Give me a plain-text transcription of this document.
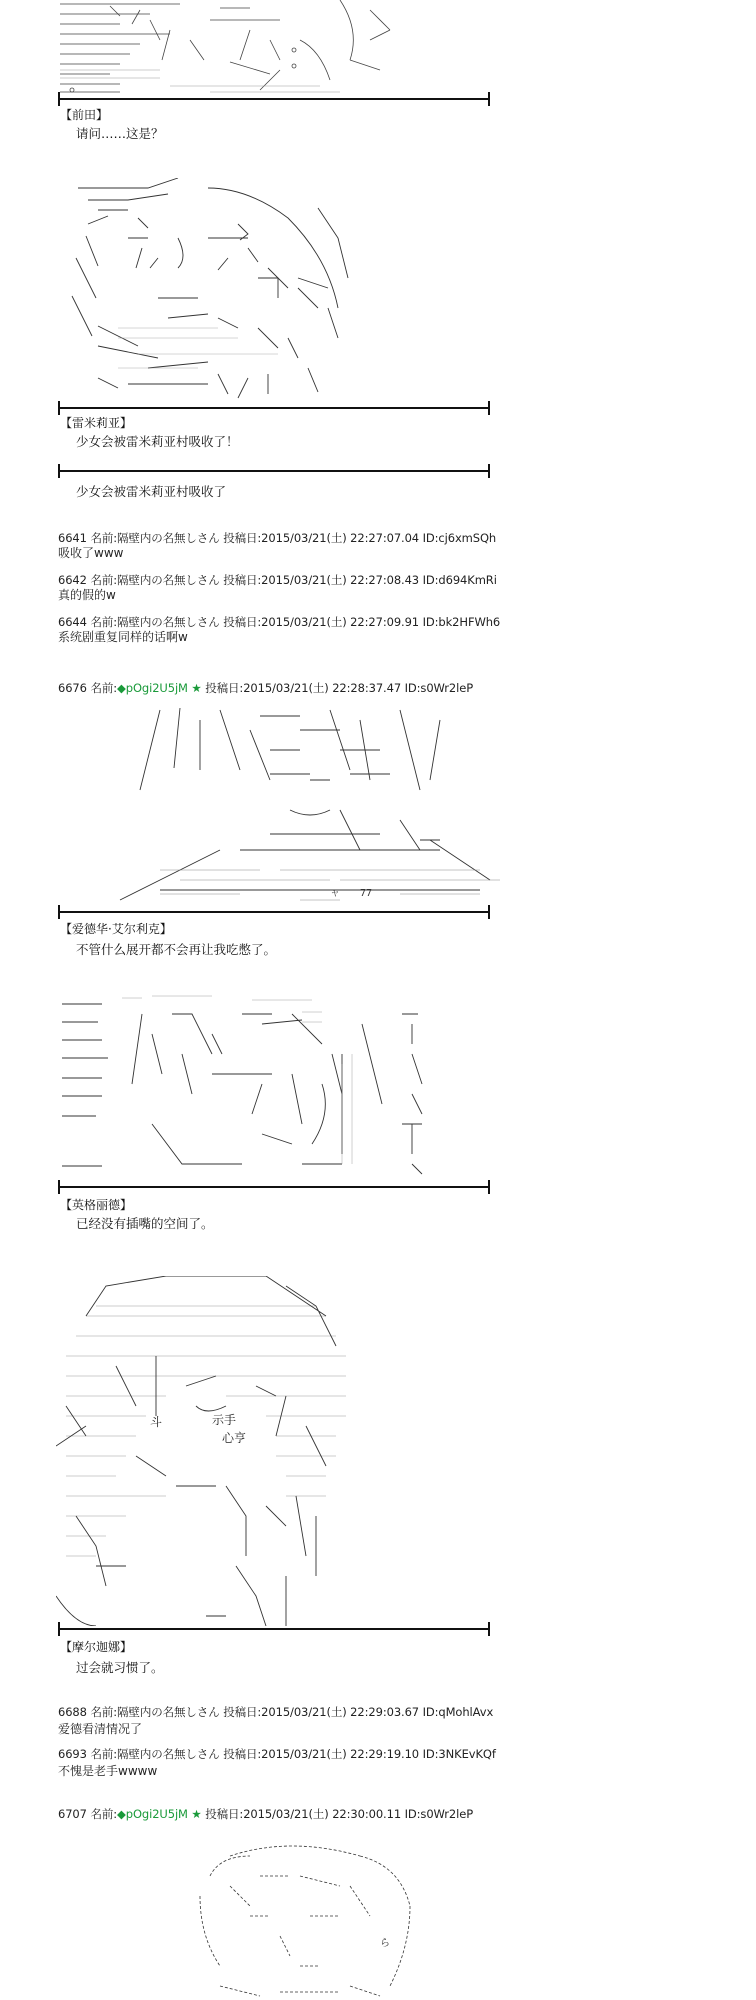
【前田】
请问……这是？
【雷米莉亚】
少女会被雷米莉亚村吸收了！
少女会被雷米莉亚村吸收了
6641 名前:隔壁内の名無しさん 投稿日:2015/03/21(土) 22:27:07.04 ID:cj6xmSQh
吸收了www
6642 名前:隔壁内の名無しさん 投稿日:2015/03/21(土) 22:27:08.43 ID:d694KmRi
真的假的w
6644 名前:隔壁内の名無しさん 投稿日:2015/03/21(土) 22:27:09.91 ID:bk2HFWh6
系统剧重复同样的话啊w
6676 名前:◆pOgi2U5jM ★ 投稿日:2015/03/21(土) 22:28:37.47 ID:s0Wr2leP
ャ 77
【爱德华·艾尔利克】
不管什么展开都不会再让我吃憋了。
【英格丽德】
已经没有插嘴的空间了。
示手
心亨
斗
【摩尔迦娜】
过会就习惯了。
6688 名前:隔壁内の名無しさん 投稿日:2015/03/21(土) 22:29:03.67 ID:qMohlAvx
爱德看清情况了
6693 名前:隔壁内の名無しさん 投稿日:2015/03/21(土) 22:29:19.10 ID:3NKEvKQf
不愧是老手wwww
6707 名前:◆pOgi2U5jM ★ 投稿日:2015/03/21(土) 22:30:00.11 ID:s0Wr2leP
ら
